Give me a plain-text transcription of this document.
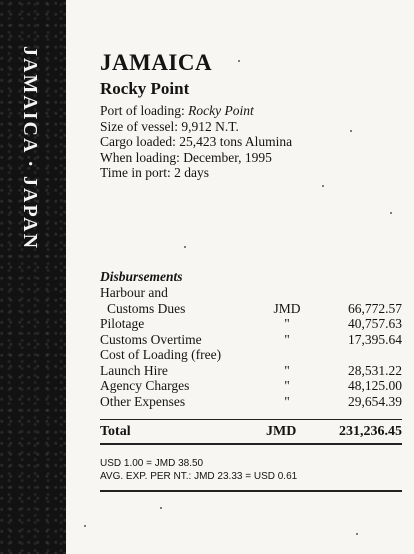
JAMAICA · JAPAN	JAMAICA
Rocky Point
Port of loading: Rocky Point
Size of vessel: 9,912 N.T.
Cargo loaded: 25,423 tons Alumina
When loading: December, 1995
Time in port: 2 days
Disbursements
Harbour and		
Customs Dues	JMD	66,772.57
Pilotage	"	40,757.63
Customs Overtime	"	17,395.64
Cost of Loading (free)		
Launch Hire	"	28,531.22
Agency Charges	"	48,125.00
Other Expenses	"	29,654.39
Total	JMD	231,236.45
USD 1.00 = JMD 38.50
AVG. EXP. PER NT.: JMD 23.33 = USD 0.61
